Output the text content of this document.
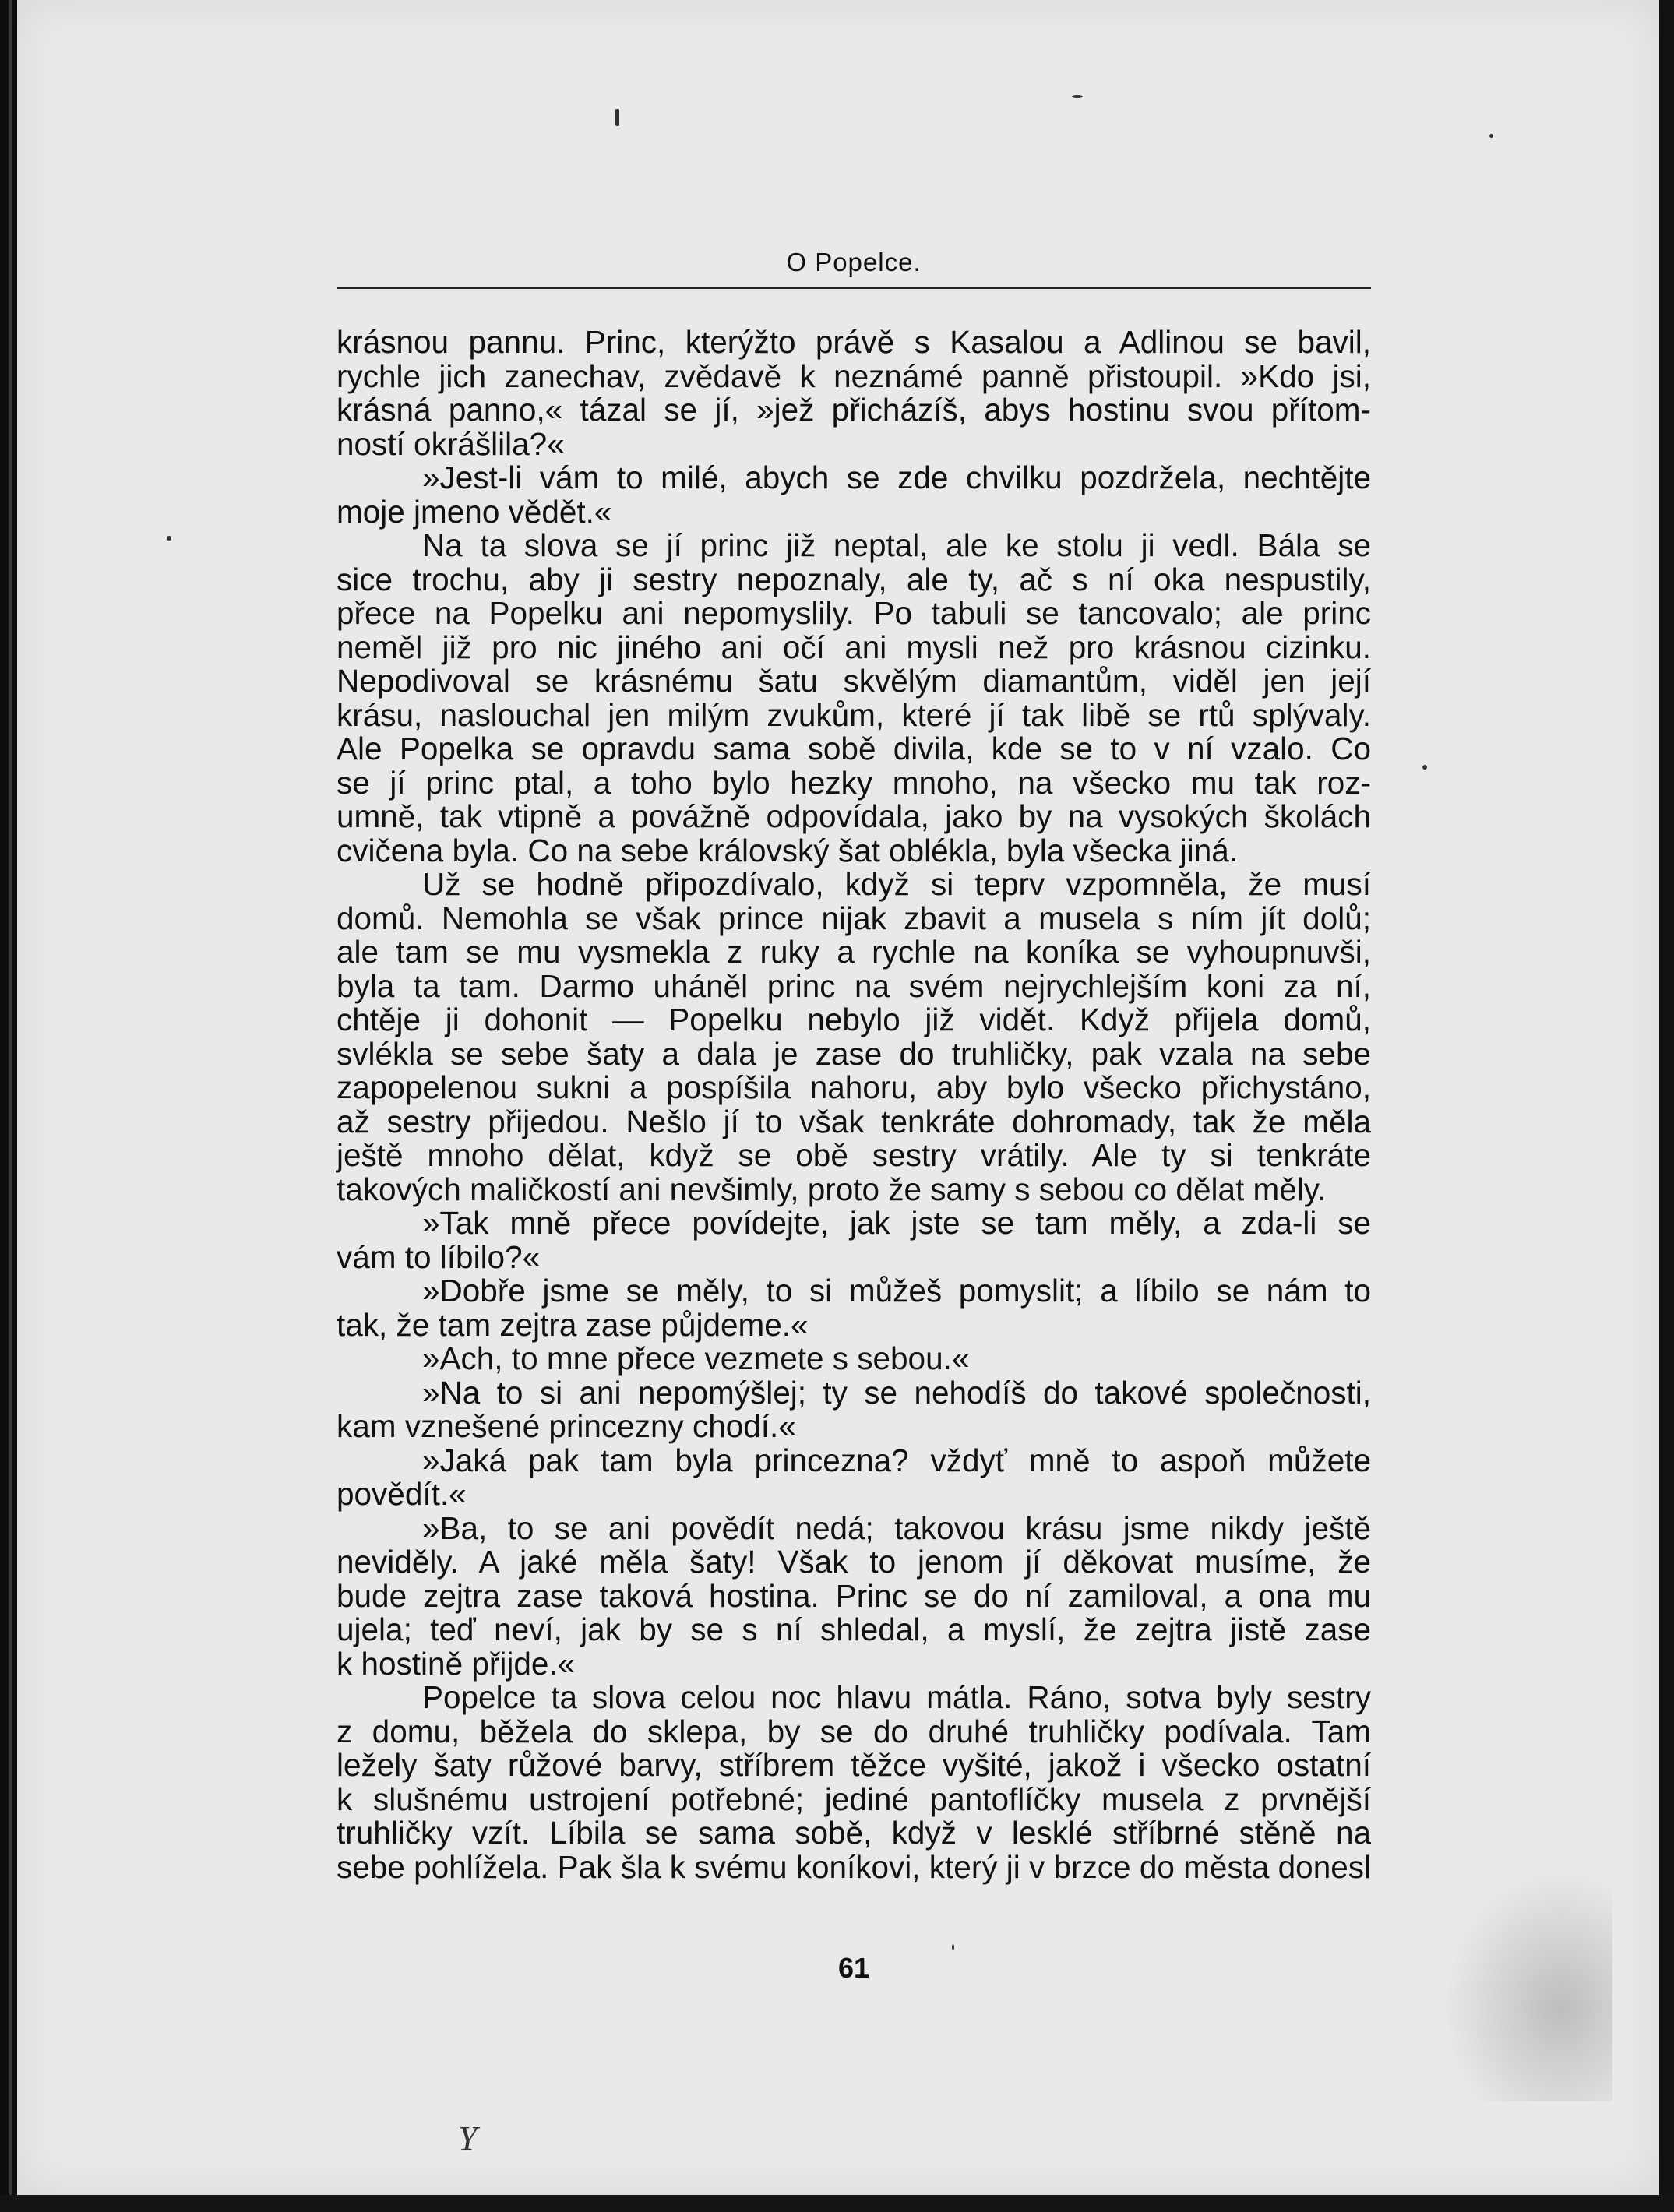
O Popelce.
krásnou pannu. Princ, kterýžto právě s Kasalou a Adlinou se bavil,
rychle jich zanechav, zvědavě k neznámé panně přistoupil. »Kdo jsi,
krásná panno,« tázal se jí, »jež přicházíš, abys hostinu svou přítom-
ností okrášlila?«
»Jest-li vám to milé, abych se zde chvilku pozdržela, nechtějte
moje jmeno vědět.«
Na ta slova se jí princ již neptal, ale ke stolu ji vedl. Bála se
sice trochu, aby ji sestry nepoznaly, ale ty, ač s ní oka nespustily,
přece na Popelku ani nepomyslily. Po tabuli se tancovalo; ale princ
neměl již pro nic jiného ani očí ani mysli než pro krásnou cizinku.
Nepodivoval se krásnému šatu skvělým diamantům, viděl jen její
krásu, naslouchal jen milým zvukům, které jí tak libě se rtů splývaly.
Ale Popelka se opravdu sama sobě divila, kde se to v ní vzalo. Co
se jí princ ptal, a toho bylo hezky mnoho, na všecko mu tak roz-
umně, tak vtipně a povážně odpovídala, jako by na vysokých školách
cvičena byla. Co na sebe královský šat oblékla, byla všecka jiná.
Už se hodně připozdívalo, když si teprv vzpomněla, že musí
domů. Nemohla se však prince nijak zbavit a musela s ním jít dolů;
ale tam se mu vysmekla z ruky a rychle na koníka se vyhoupnuvši,
byla ta tam. Darmo uháněl princ na svém nejrychlejším koni za ní,
chtěje ji dohonit — Popelku nebylo již vidět. Když přijela domů,
svlékla se sebe šaty a dala je zase do truhličky, pak vzala na sebe
zapopelenou sukni a pospíšila nahoru, aby bylo všecko přichystáno,
až sestry přijedou. Nešlo jí to však tenkráte dohromady, tak že měla
ještě mnoho dělat, když se obě sestry vrátily. Ale ty si tenkráte
takových maličkostí ani nevšimly, proto že samy s sebou co dělat měly.
»Tak mně přece povídejte, jak jste se tam měly, a zda-li se
vám to líbilo?«
»Dobře jsme se měly, to si můžeš pomyslit; a líbilo se nám to
tak, že tam zejtra zase půjdeme.«
»Ach, to mne přece vezmete s sebou.«
»Na to si ani nepomýšlej; ty se nehodíš do takové společnosti,
kam vznešené princezny chodí.«
»Jaká pak tam byla princezna? vždyť mně to aspoň můžete
povědít.«
»Ba, to se ani povědít nedá; takovou krásu jsme nikdy ještě
neviděly. A jaké měla šaty! Však to jenom jí děkovat musíme, že
bude zejtra zase taková hostina. Princ se do ní zamiloval, a ona mu
ujela; teď neví, jak by se s ní shledal, a myslí, že zejtra jistě zase
k hostině přijde.«
Popelce ta slova celou noc hlavu mátla. Ráno, sotva byly sestry
z domu, běžela do sklepa, by se do druhé truhličky podívala. Tam
ležely šaty růžové barvy, stříbrem těžce vyšité, jakož i všecko ostatní
k slušnému ustrojení potřebné; jediné pantoflíčky musela z prvnější
truhličky vzít. Líbila se sama sobě, když v lesklé stříbrné stěně na
sebe pohlížela. Pak šla k svému koníkovi, který ji v brzce do města donesl
61
Y
